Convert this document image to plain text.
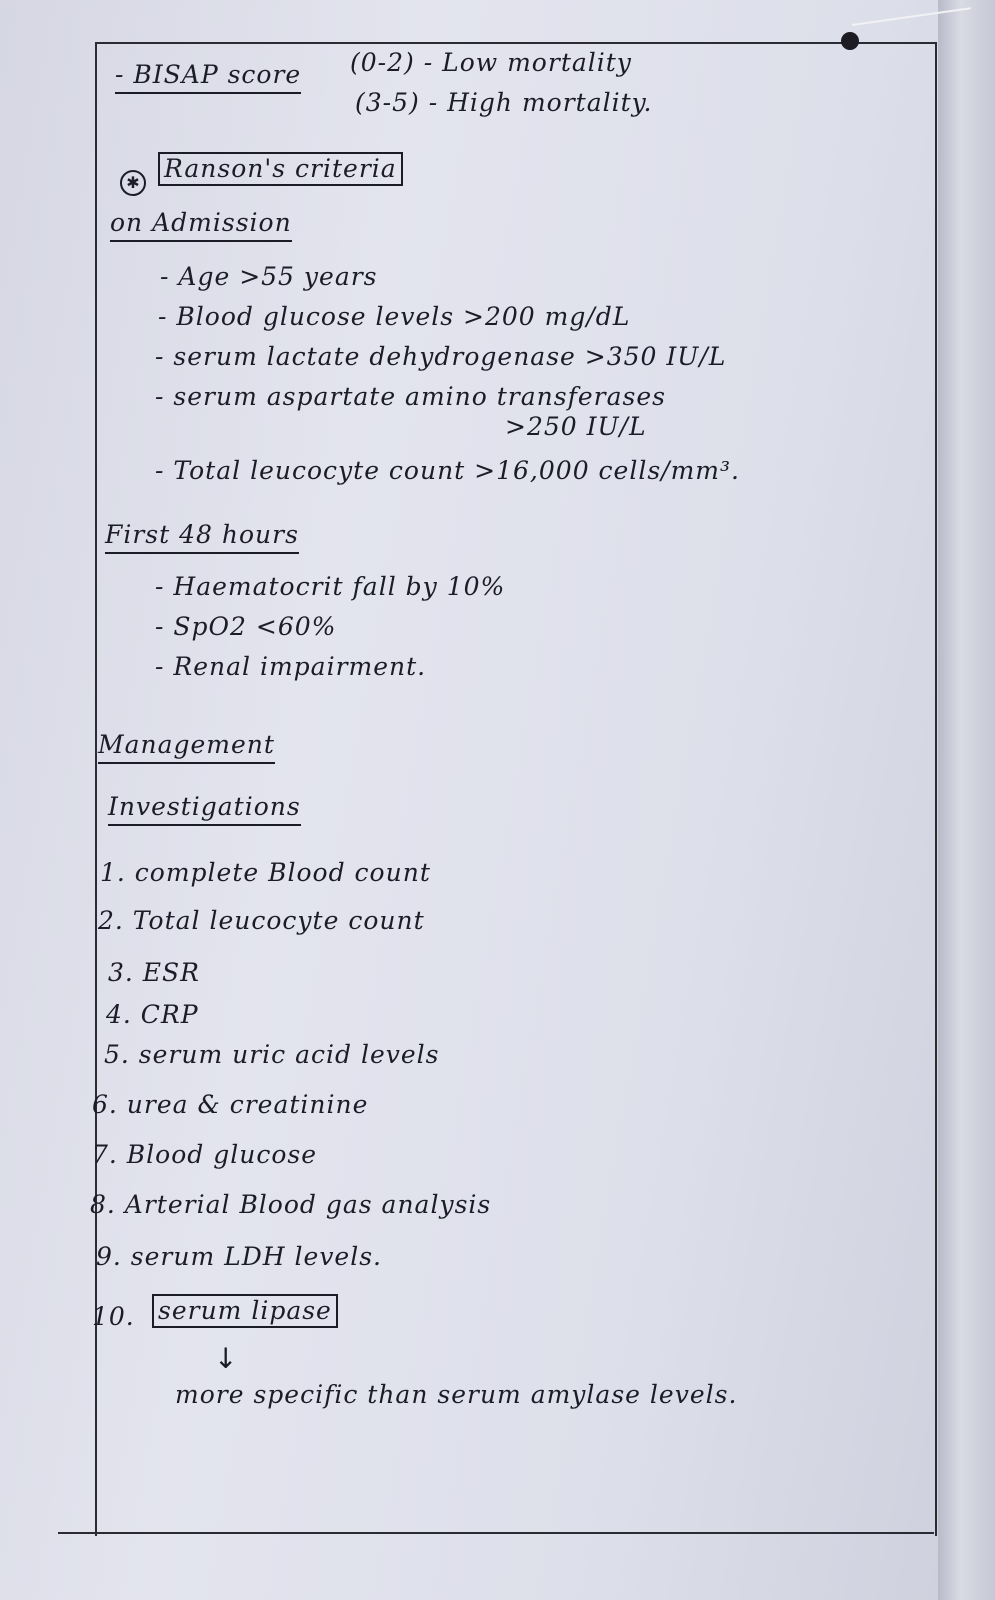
- BISAP score (0-2) - Low mortality
(3-5) - High mortality.
✱ Ranson's criteria
on Admission
- Age >55 years
- Blood glucose levels >200 mg/dL
- serum lactate dehydrogenase >350 IU/L
- serum aspartate amino transferases
>250 IU/L
- Total leucocyte count >16,000 cells/mm³.
First 48 hours
- Haematocrit fall by 10%
- SpO2 <60%
- Renal impairment.
Management
Investigations
1. complete Blood count
2. Total leucocyte count
3. ESR
4. CRP
5. serum uric acid levels
6. urea & creatinine
7. Blood glucose
8. Arterial Blood gas analysis
9. serum LDH levels.
10. serum lipase
↓
more specific than serum amylase levels.
